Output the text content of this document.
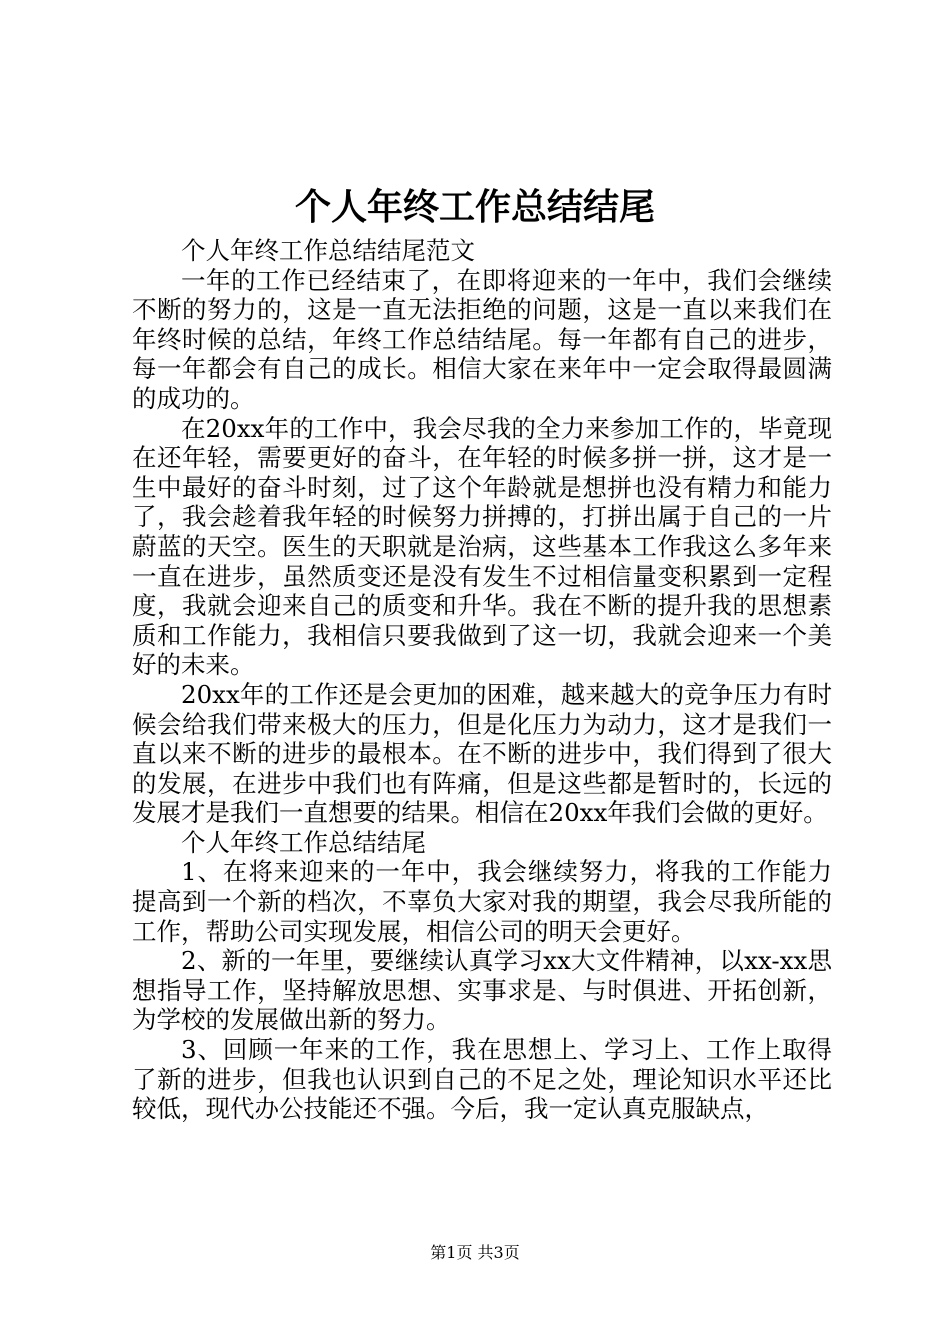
个人年终工作总结结尾

个人年终工作总结结尾范文

一年的工作已经结束了，在即将迎来的一年中，我们会继续不断的努力的，这是一直无法拒绝的问题，这是一直以来我们在年终时候的总结，年终工作总结结尾。每一年都有自己的进步，每一年都会有自己的成长。相信大家在来年中一定会取得最圆满的成功的。

在20xx年的工作中，我会尽我的全力来参加工作的，毕竟现在还年轻，需要更好的奋斗，在年轻的时候多拼一拼，这才是一生中最好的奋斗时刻，过了这个年龄就是想拼也没有精力和能力了，我会趁着我年轻的时候努力拼搏的，打拼出属于自己的一片蔚蓝的天空。医生的天职就是治病，这些基本工作我这么多年来一直在进步，虽然质变还是没有发生不过相信量变积累到一定程度，我就会迎来自己的质变和升华。我在不断的提升我的思想素质和工作能力，我相信只要我做到了这一切，我就会迎来一个美好的未来。

20xx年的工作还是会更加的困难，越来越大的竞争压力有时候会给我们带来极大的压力，但是化压力为动力，这才是我们一直以来不断的进步的最根本。在不断的进步中，我们得到了很大的发展，在进步中我们也有阵痛，但是这些都是暂时的，长远的发展才是我们一直想要的结果。相信在20xx年我们会做的更好。

个人年终工作总结结尾

1、在将来迎来的一年中，我会继续努力，将我的工作能力提高到一个新的档次，不辜负大家对我的期望，我会尽我所能的工作，帮助公司实现发展，相信公司的明天会更好。

2、新的一年里，要继续认真学习xx大文件精神，以xx-xx思想指导工作，坚持解放思想、实事求是、与时俱进、开拓创新，为学校的发展做出新的努力。

3、回顾一年来的工作，我在思想上、学习上、工作上取得了新的进步，但我也认识到自己的不足之处，理论知识水平还比较低，现代办公技能还不强。今后，我一定认真克服缺点，

第1页 共3页
